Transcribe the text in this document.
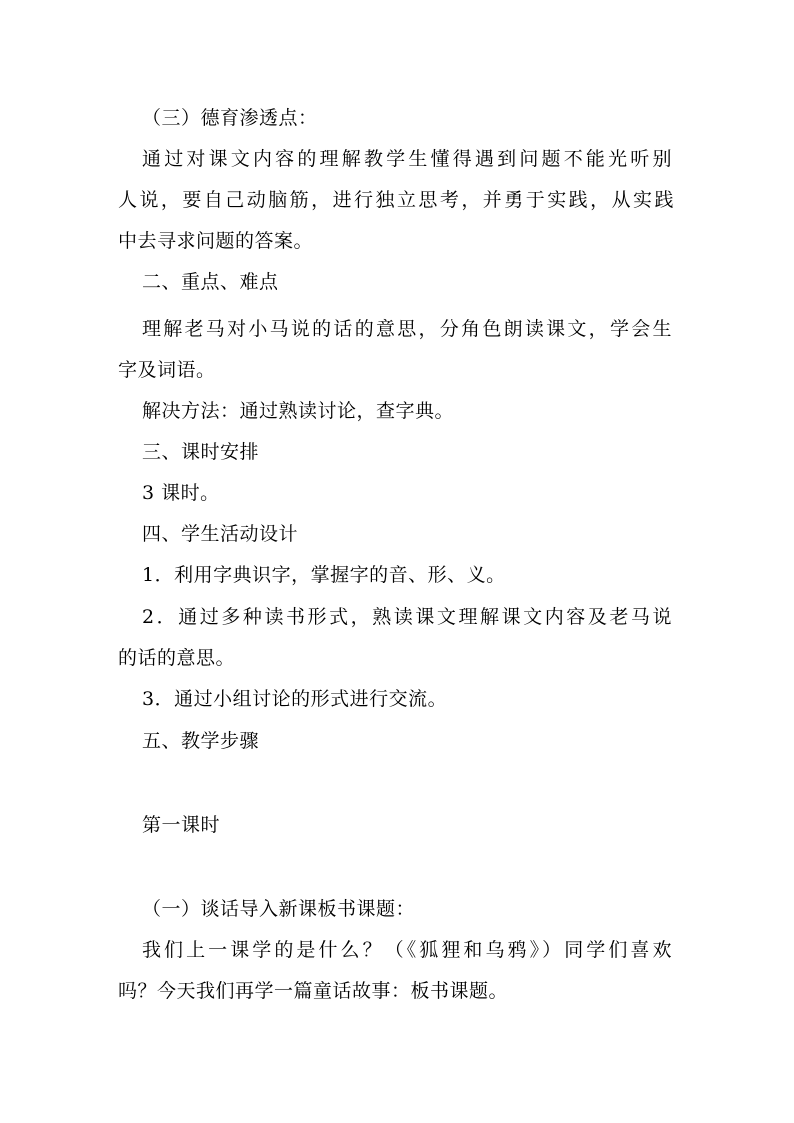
（三）德育渗透点：
通过对课文内容的理解教学生懂得遇到问题不能光听别
人说，要自己动脑筋，进行独立思考，并勇于实践，从实践
中去寻求问题的答案。
二、重点、难点
理解老马对小马说的话的意思，分角色朗读课文，学会生
字及词语。
解决方法：通过熟读讨论，查字典。
三、课时安排
3 课时。
四、学生活动设计
1．利用字典识字，掌握字的音、形、义。
2．通过多种读书形式，熟读课文理解课文内容及老马说
的话的意思。
3．通过小组讨论的形式进行交流。
五、教学步骤
第一课时
（一）谈话导入新课板书课题：
我们上一课学的是什么？（《狐狸和乌鸦》）同学们喜欢
吗？今天我们再学一篇童话故事：板书课题。
